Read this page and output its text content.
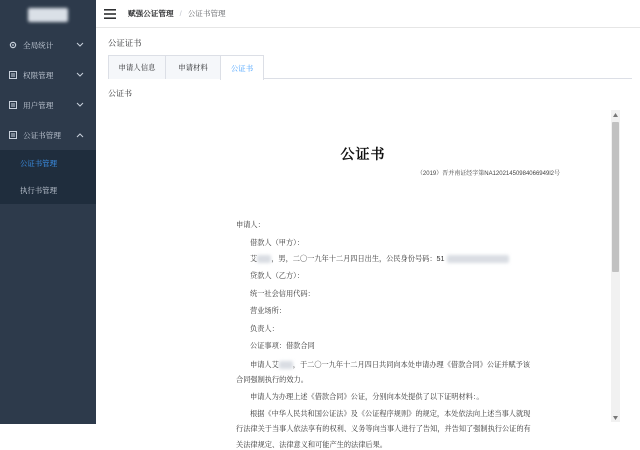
全局统计
权限管理
用户管理
公证书管理
公证书管理
执行书管理
赋强公证管理 / 公证书管理
公证证书
申请人信息	申请材料	公证书
公证书
公证书
（2019）晋并南证经字第NA12021450984066949l2号
申请人：
借款人（甲方）：
艾 ，男，二〇一九年十二月四日出生，公民身份号码：51
贷款人（乙方）：
统一社会信用代码：
营业场所：
负责人：
公证事项：借款合同
申请人艾 ，于二〇一九年十二月四日共同向本处申请办理《借款合同》公证并赋予该
合同强制执行的效力。
申请人为办理上述《借款合同》公证，分别向本处提供了以下证明材料：。
根据《中华人民共和国公证法》及《公证程序规则》的规定，本处依法向上述当事人就现
行法律关于当事人依法享有的权利、义务等向当事人进行了告知，并告知了强制执行公证的有
关法律规定、法律意义和可能产生的法律后果。
